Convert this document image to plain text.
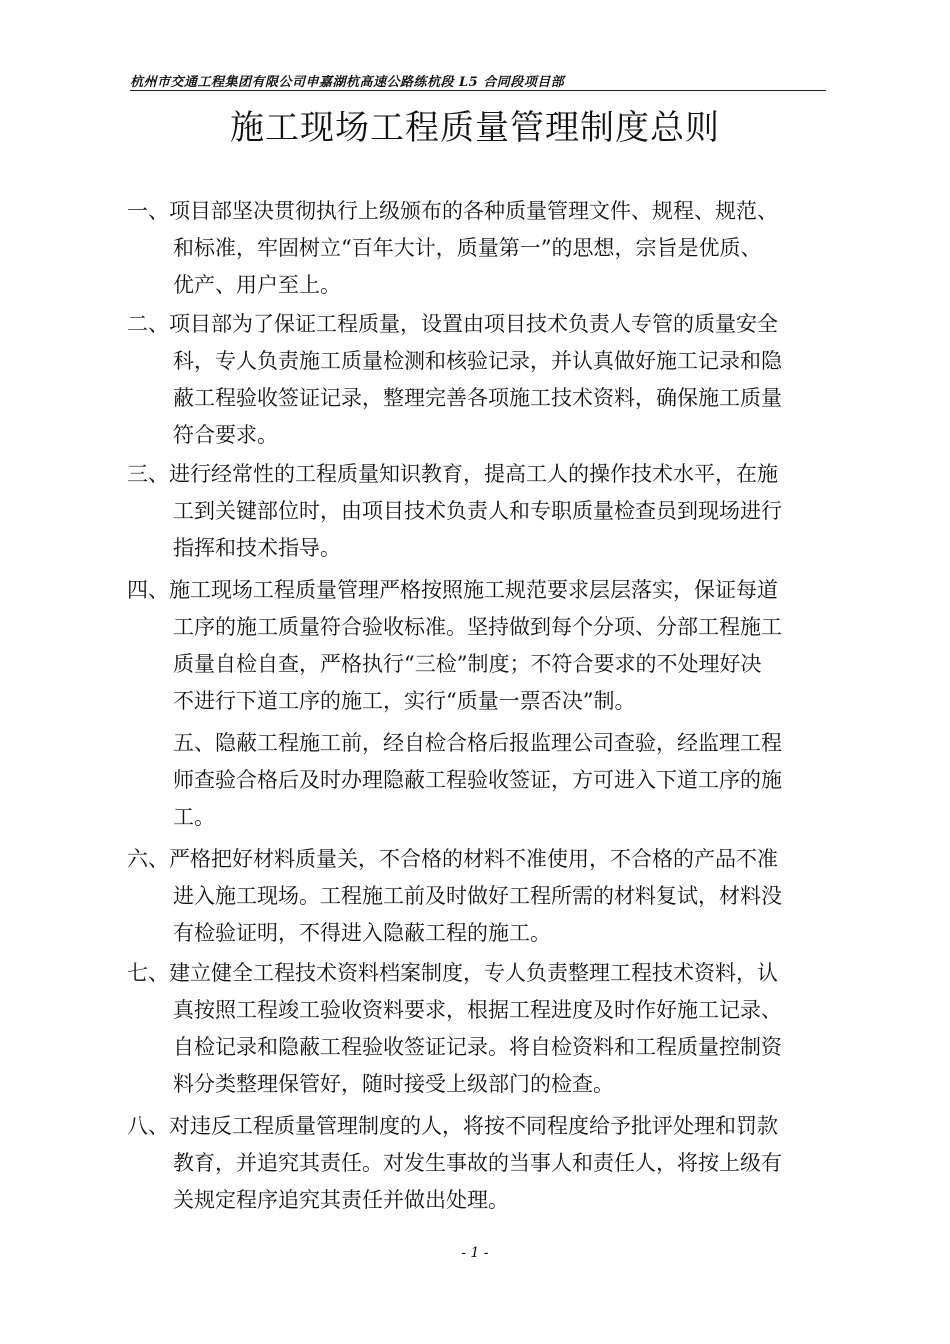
杭州市交通工程集团有限公司申嘉湖杭高速公路练杭段 L5 合同段项目部
施工现场工程质量管理制度总则
一、项目部坚决贯彻执行上级颁布的各种质量管理文件、规程、规范、
和标准，牢固树立“百年大计，质量第一”的思想，宗旨是优质、
优产、用户至上。
二、项目部为了保证工程质量，设置由项目技术负责人专管的质量安全
科，专人负责施工质量检测和核验记录，并认真做好施工记录和隐
蔽工程验收签证记录，整理完善各项施工技术资料，确保施工质量
符合要求。
三、进行经常性的工程质量知识教育，提高工人的操作技术水平，在施
工到关键部位时，由项目技术负责人和专职质量检查员到现场进行
指挥和技术指导。
四、施工现场工程质量管理严格按照施工规范要求层层落实，保证每道
工序的施工质量符合验收标准。坚持做到每个分项、分部工程施工
质量自检自查，严格执行“三检”制度；不符合要求的不处理好决
不进行下道工序的施工，实行“质量一票否决”制。
五、隐蔽工程施工前，经自检合格后报监理公司查验，经监理工程
师查验合格后及时办理隐蔽工程验收签证，方可进入下道工序的施
工。
六、严格把好材料质量关，不合格的材料不准使用，不合格的产品不准
进入施工现场。工程施工前及时做好工程所需的材料复试，材料没
有检验证明，不得进入隐蔽工程的施工。
七、建立健全工程技术资料档案制度，专人负责整理工程技术资料，认
真按照工程竣工验收资料要求，根据工程进度及时作好施工记录、
自检记录和隐蔽工程验收签证记录。将自检资料和工程质量控制资
料分类整理保管好，随时接受上级部门的检查。
八、对违反工程质量管理制度的人，将按不同程度给予批评处理和罚款
教育，并追究其责任。对发生事故的当事人和责任人，将按上级有
关规定程序追究其责任并做出处理。
- 1 -
